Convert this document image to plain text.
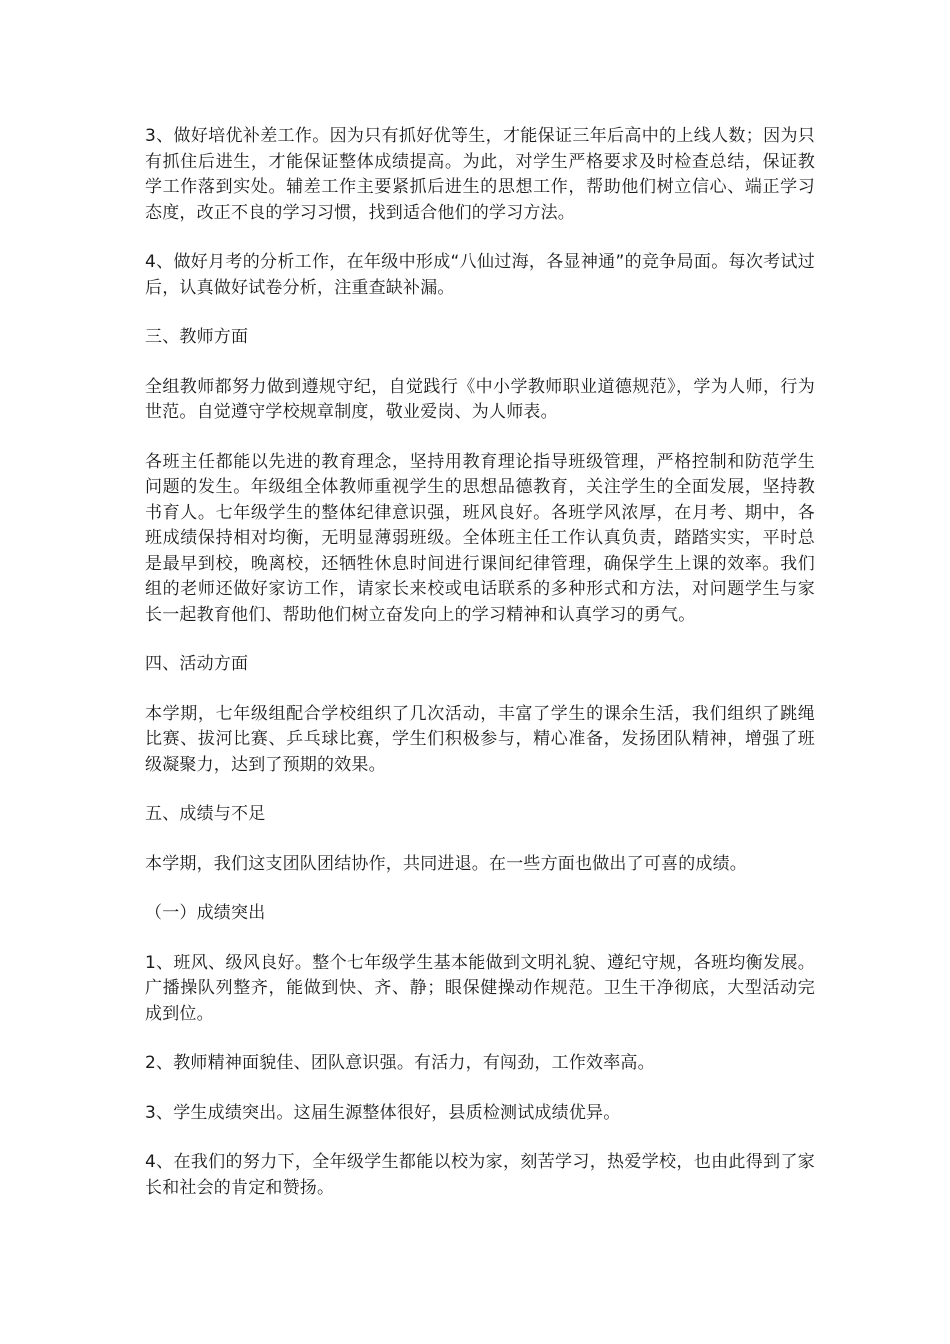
3、做好培优补差工作。因为只有抓好优等生，才能保证三年后高中的上线人数；因为只有抓住后进生，才能保证整体成绩提高。为此，对学生严格要求及时检查总结，保证教学工作落到实处。辅差工作主要紧抓后进生的思想工作，帮助他们树立信心、端正学习态度，改正不良的学习习惯，找到适合他们的学习方法。

4、做好月考的分析工作，在年级中形成“八仙过海，各显神通”的竞争局面。每次考试过后，认真做好试卷分析，注重查缺补漏。

三、教师方面

全组教师都努力做到遵规守纪，自觉践行《中小学教师职业道德规范》，学为人师，行为世范。自觉遵守学校规章制度，敬业爱岗、为人师表。

各班主任都能以先进的教育理念，坚持用教育理论指导班级管理，严格控制和防范学生问题的发生。年级组全体教师重视学生的思想品德教育，关注学生的全面发展，坚持教书育人。七年级学生的整体纪律意识强，班风良好。各班学风浓厚，在月考、期中，各班成绩保持相对均衡，无明显薄弱班级。全体班主任工作认真负责，踏踏实实，平时总是最早到校，晚离校，还牺牲休息时间进行课间纪律管理，确保学生上课的效率。我们组的老师还做好家访工作，请家长来校或电话联系的多种形式和方法，对问题学生与家长一起教育他们、帮助他们树立奋发向上的学习精神和认真学习的勇气。

四、活动方面

本学期，七年级组配合学校组织了几次活动，丰富了学生的课余生活，我们组织了跳绳比赛、拔河比赛、乒乓球比赛，学生们积极参与，精心准备，发扬团队精神，增强了班级凝聚力，达到了预期的效果。

五、成绩与不足

本学期，我们这支团队团结协作，共同进退。在一些方面也做出了可喜的成绩。

（一）成绩突出

1、班风、级风良好。整个七年级学生基本能做到文明礼貌、遵纪守规，各班均衡发展。广播操队列整齐，能做到快、齐、静；眼保健操动作规范。卫生干净彻底，大型活动完成到位。

2、教师精神面貌佳、团队意识强。有活力，有闯劲，工作效率高。

3、学生成绩突出。这届生源整体很好，县质检测试成绩优异。

4、在我们的努力下，全年级学生都能以校为家，刻苦学习，热爱学校，也由此得到了家长和社会的肯定和赞扬。
